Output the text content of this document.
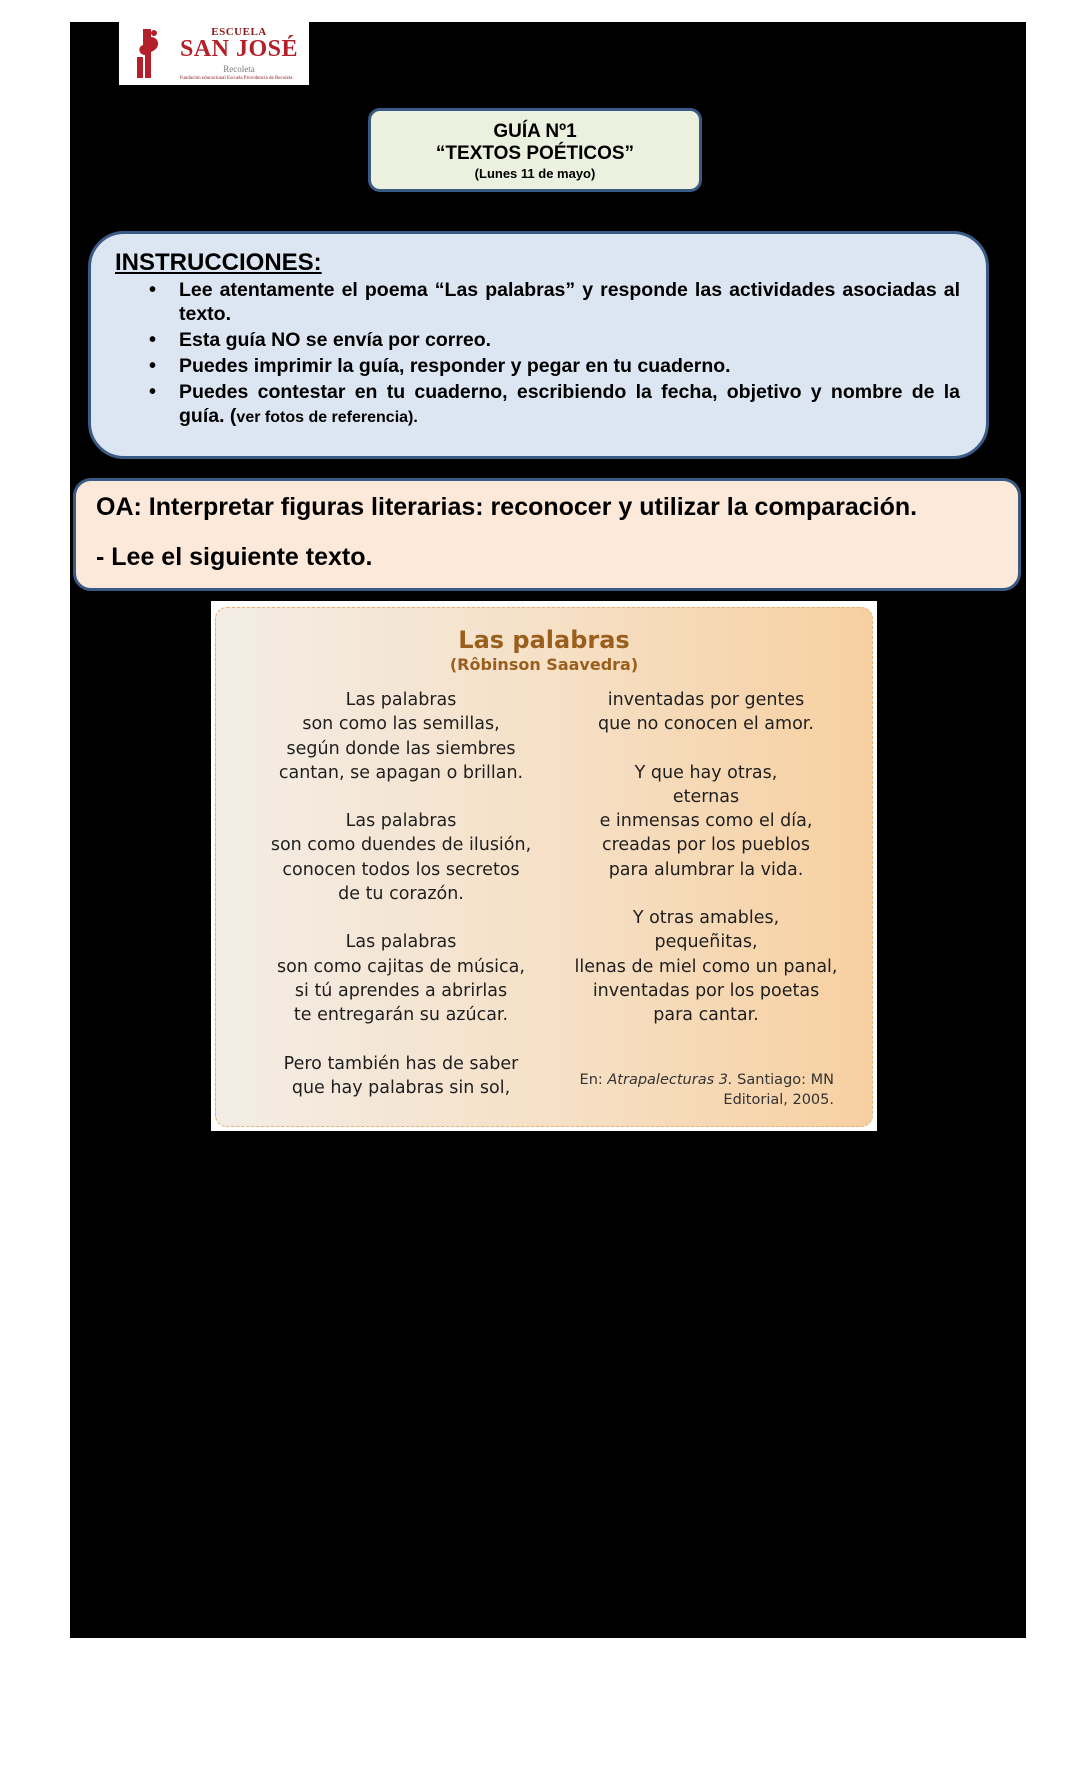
ESCUELA
SAN JOSÉ
Recoleta
Fundación educacional Escuela Providencia de Recoleta
GUÍA Nº1
“TEXTOS POÉTICOS”
(Lunes 11 de mayo)
INSTRUCCIONES:
• Lee atentamente el poema “Las palabras” y responde las actividades asociadas al texto.
• Esta guía NO se envía por correo.
• Puedes imprimir la guía, responder y pegar en tu cuaderno.
• Puedes contestar en tu cuaderno, escribiendo la fecha, objetivo y nombre de la guía. (ver fotos de referencia).
OA: Interpretar figuras literarias: reconocer y utilizar la comparación.
- Lee el siguiente texto.
Las palabras
(Rôbinson Saavedra)
Las palabras
son como las semillas,
según donde las siembres
cantan, se apagan o brillan.
Las palabras
son como duendes de ilusión,
conocen todos los secretos
de tu corazón.
Las palabras
son como cajitas de música,
si tú aprendes a abrirlas
te entregarán su azúcar.
Pero también has de saber
que hay palabras sin sol,
inventadas por gentes
que no conocen el amor.
Y que hay otras,
eternas
e inmensas como el día,
creadas por los pueblos
para alumbrar la vida.
Y otras amables,
pequeñitas,
llenas de miel como un panal,
inventadas por los poetas
para cantar.
En: Atrapalecturas 3. Santiago: MN
Editorial, 2005.
